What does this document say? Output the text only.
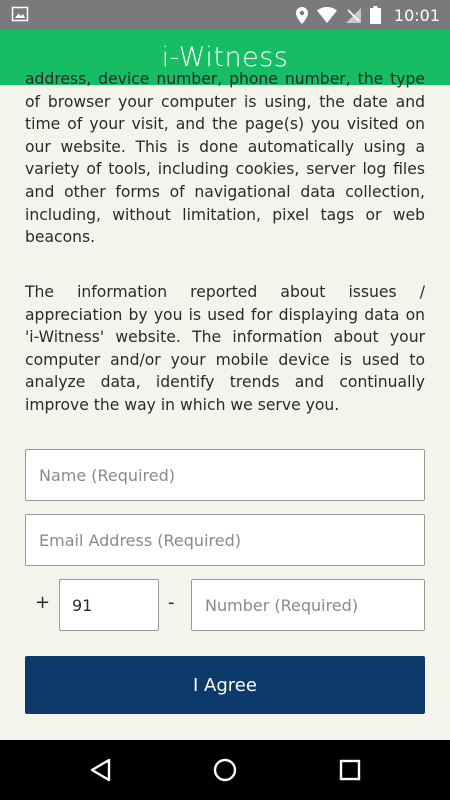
10:01
i-Witness

address, device number, phone number, the type of browser your computer is using, the date and time of your visit, and the page(s) you visited on our website. This is done automatically using a variety of tools, including cookies, server log files and other forms of navigational data collection, including, without limitation, pixel tags or web beacons.

The information reported about issues / appreciation by you is used for displaying data on 'i-Witness' website. The information about your computer and/or your mobile device is used to analyze data, identify trends and continually improve the way in which we serve you.

Name (Required)
Email Address (Required)
+
91	-
Number (Required)
I Agree
